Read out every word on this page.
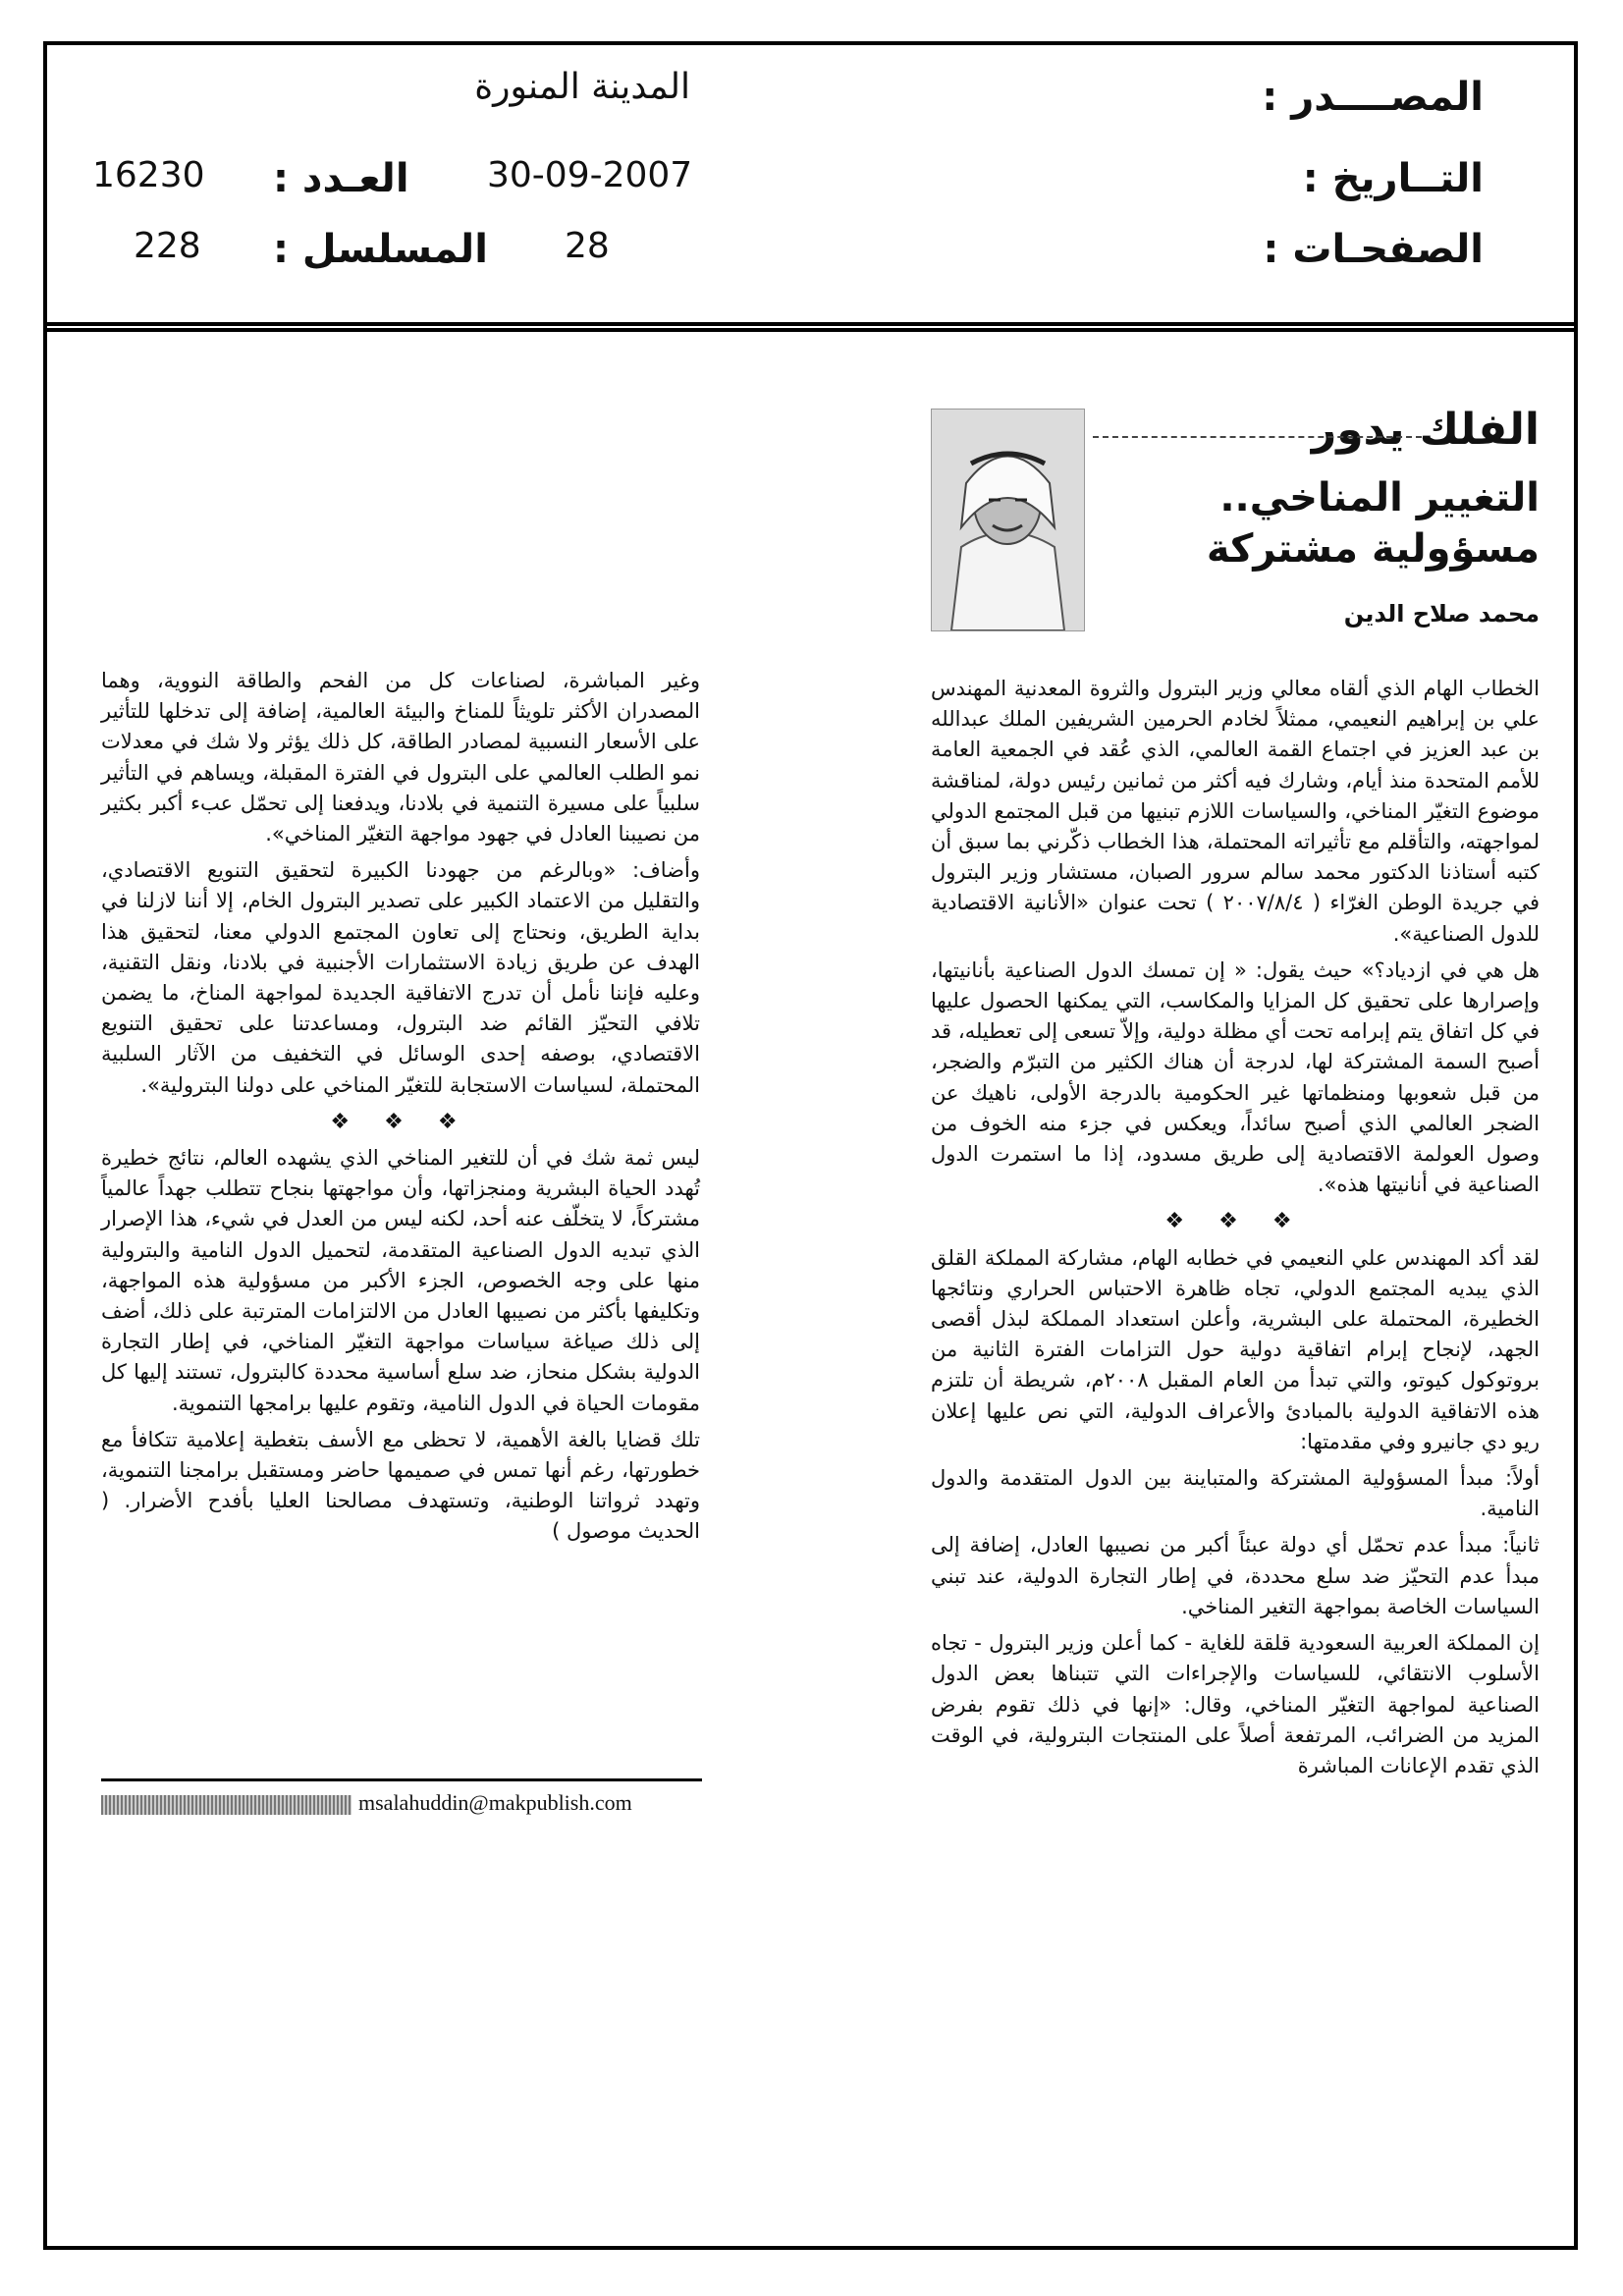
المصــــدر :
المدينة المنورة
التــاريخ :
30-09-2007
العـدد :
16230
الصفحـات :
28
المسلسل :
228
الفلك يدور
التغيير المناخي..
مسؤولية مشتركة
محمد صلاح الدين

الخطاب الهام الذي ألقاه معالي وزير البترول والثروة المعدنية المهندس علي بن إبراهيم النعيمي، ممثلاً لخادم الحرمين الشريفين الملك عبدالله بن عبد العزيز في اجتماع القمة العالمي، الذي عُقد في الجمعية العامة للأمم المتحدة منذ أيام، وشارك فيه أكثر من ثمانين رئيس دولة، لمناقشة موضوع التغيّر المناخي، والسياسات اللازم تبنيها من قبل المجتمع الدولي لمواجهته، والتأقلم مع تأثيراته المحتملة، هذا الخطاب ذكّرني بما سبق أن كتبه أستاذنا الدكتور محمد سالم سرور الصبان، مستشار وزير البترول في جريدة الوطن الغرّاء ( ٢٠٠٧/٨/٤ ) تحت عنوان «الأنانية الاقتصادية للدول الصناعية».

هل هي في ازدياد؟» حيث يقول: « إن تمسك الدول الصناعية بأنانيتها، وإصرارها على تحقيق كل المزايا والمكاسب، التي يمكنها الحصول عليها في كل اتفاق يتم إبرامه تحت أي مظلة دولية، وإلاّ تسعى إلى تعطيله، قد أصبح السمة المشتركة لها، لدرجة أن هناك الكثير من التبرّم والضجر، من قبل شعوبها ومنظماتها غير الحكومية بالدرجة الأولى، ناهيك عن الضجر العالمي الذي أصبح سائداً، ويعكس في جزء منه الخوف من وصول العولمة الاقتصادية إلى طريق مسدود، إذا ما استمرت الدول الصناعية في أنانيتها هذه».

❖ ❖ ❖

لقد أكد المهندس علي النعيمي في خطابه الهام، مشاركة المملكة القلق الذي يبديه المجتمع الدولي، تجاه ظاهرة الاحتباس الحراري ونتائجها الخطيرة، المحتملة على البشرية، وأعلن استعداد المملكة لبذل أقصى الجهد، لإنجاح إبرام اتفاقية دولية حول التزامات الفترة الثانية من بروتوكول كيوتو، والتي تبدأ من العام المقبل ٢٠٠٨م، شريطة أن تلتزم هذه الاتفاقية الدولية بالمبادئ والأعراف الدولية، التي نص عليها إعلان ريو دي جانيرو وفي مقدمتها:

أولاً: مبدأ المسؤولية المشتركة والمتباينة بين الدول المتقدمة والدول النامية.

ثانياً: مبدأ عدم تحمّل أي دولة عبئاً أكبر من نصيبها العادل، إضافة إلى مبدأ عدم التحيّز ضد سلع محددة، في إطار التجارة الدولية، عند تبني السياسات الخاصة بمواجهة التغير المناخي.

إن المملكة العربية السعودية قلقة للغاية - كما أعلن وزير البترول - تجاه الأسلوب الانتقائي، للسياسات والإجراءات التي تتبناها بعض الدول الصناعية لمواجهة التغيّر المناخي، وقال: «إنها في ذلك تقوم بفرض المزيد من الضرائب، المرتفعة أصلاً على المنتجات البترولية، في الوقت الذي تقدم الإعانات المباشرة

وغير المباشرة، لصناعات كل من الفحم والطاقة النووية، وهما المصدران الأكثر تلويثاً للمناخ والبيئة العالمية، إضافة إلى تدخلها للتأثير على الأسعار النسبية لمصادر الطاقة، كل ذلك يؤثر ولا شك في معدلات نمو الطلب العالمي على البترول في الفترة المقبلة، ويساهم في التأثير سلبياً على مسيرة التنمية في بلادنا، ويدفعنا إلى تحمّل عبء أكبر بكثير من نصيبنا العادل في جهود مواجهة التغيّر المناخي».

وأضاف: «وبالرغم من جهودنا الكبيرة لتحقيق التنويع الاقتصادي، والتقليل من الاعتماد الكبير على تصدير البترول الخام، إلا أننا لازلنا في بداية الطريق، ونحتاج إلى تعاون المجتمع الدولي معنا، لتحقيق هذا الهدف عن طريق زيادة الاستثمارات الأجنبية في بلادنا، ونقل التقنية، وعليه فإننا نأمل أن تدرج الاتفاقية الجديدة لمواجهة المناخ، ما يضمن تلافي التحيّز القائم ضد البترول، ومساعدتنا على تحقيق التنويع الاقتصادي، بوصفه إحدى الوسائل في التخفيف من الآثار السلبية المحتملة، لسياسات الاستجابة للتغيّر المناخي على دولنا البترولية».

❖ ❖ ❖

ليس ثمة شك في أن للتغير المناخي الذي يشهده العالم، نتائج خطيرة تُهدد الحياة البشرية ومنجزاتها، وأن مواجهتها بنجاح تتطلب جهداً عالمياً مشتركاً، لا يتخلّف عنه أحد، لكنه ليس من العدل في شيء، هذا الإصرار الذي تبديه الدول الصناعية المتقدمة، لتحميل الدول النامية والبترولية منها على وجه الخصوص، الجزء الأكبر من مسؤولية هذه المواجهة، وتكليفها بأكثر من نصيبها العادل من الالتزامات المترتبة على ذلك، أضف إلى ذلك صياغة سياسات مواجهة التغيّر المناخي، في إطار التجارة الدولية بشكل منحاز، ضد سلع أساسية محددة كالبترول، تستند إليها كل مقومات الحياة في الدول النامية، وتقوم عليها برامجها التنموية.

تلك قضايا بالغة الأهمية، لا تحظى مع الأسف بتغطية إعلامية تتكافأ مع خطورتها، رغم أنها تمس في صميمها حاضر ومستقبل برامجنا التنموية، وتهدد ثرواتنا الوطنية، وتستهدف مصالحنا العليا بأفدح الأضرار. ( الحديث موصول )

msalahuddin@makpublish.com
